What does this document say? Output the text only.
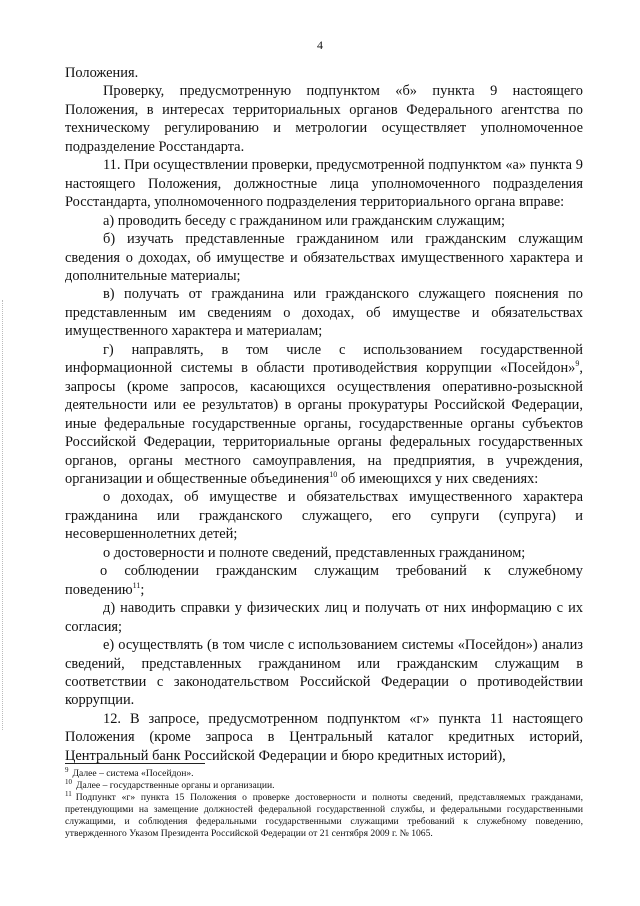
4

Положения.

Проверку, предусмотренную подпунктом «б» пункта 9 настоящего Положения, в интересах территориальных органов Федерального агентства по техническому регулированию и метрологии осуществляет уполномоченное подразделение Росстандарта.

11. При осуществлении проверки, предусмотренной подпунктом «а» пункта 9 настоящего Положения, должностные лица уполномоченного подразделения Росстандарта, уполномоченного подразделения территориального органа вправе:

а) проводить беседу с гражданином или гражданским служащим;

б) изучать представленные гражданином или гражданским служащим сведения о доходах, об имуществе и обязательствах имущественного характера и дополнительные материалы;

в) получать от гражданина или гражданского служащего пояснения по представленным им сведениям о доходах, об имуществе и обязательствах имущественного характера и материалам;

г) направлять, в том числе с использованием государственной информационной системы в области противодействия коррупции «Посейдон»$^9$, запросы (кроме запросов, касающихся осуществления оперативно-розыскной деятельности или ее результатов) в органы прокуратуры Российской Федерации, иные федеральные государственные органы, государственные органы субъектов Российской Федерации, территориальные органы федеральных государственных органов, органы местного самоуправления, на предприятия, в учреждения, организации и общественные объединения$^{10}$ об имеющихся у них сведениях:

о доходах, об имуществе и обязательствах имущественного характера гражданина или гражданского служащего, его супруги (супруга) и несовершеннолетних детей;

о достоверности и полноте сведений, представленных гражданином;

о соблюдении гражданским служащим требований к служебному поведению$^{11}$;

д) наводить справки у физических лиц и получать от них информацию с их согласия;

е) осуществлять (в том числе с использованием системы «Посейдон») анализ сведений, представленных гражданином или гражданским служащим в соответствии с законодательством Российской Федерации о противодействии коррупции.

12. В запросе, предусмотренном подпунктом «г» пункта 11 настоящего Положения (кроме запроса в Центральный каталог кредитных историй, Центральный банк Российской Федерации и бюро кредитных историй),

$^9$ Далее – система «Посейдон».

$^{10}$ Далее – государственные органы и организации.

$^{11}$ Подпункт «г» пункта 15 Положения о проверке достоверности и полноты сведений, представляемых гражданами, претендующими на замещение должностей федеральной государственной службы, и федеральными государственными служащими, и соблюдения федеральными государственными служащими требований к служебному поведению, утвержденного Указом Президента Российской Федерации от 21 сентября 2009 г. № 1065.
